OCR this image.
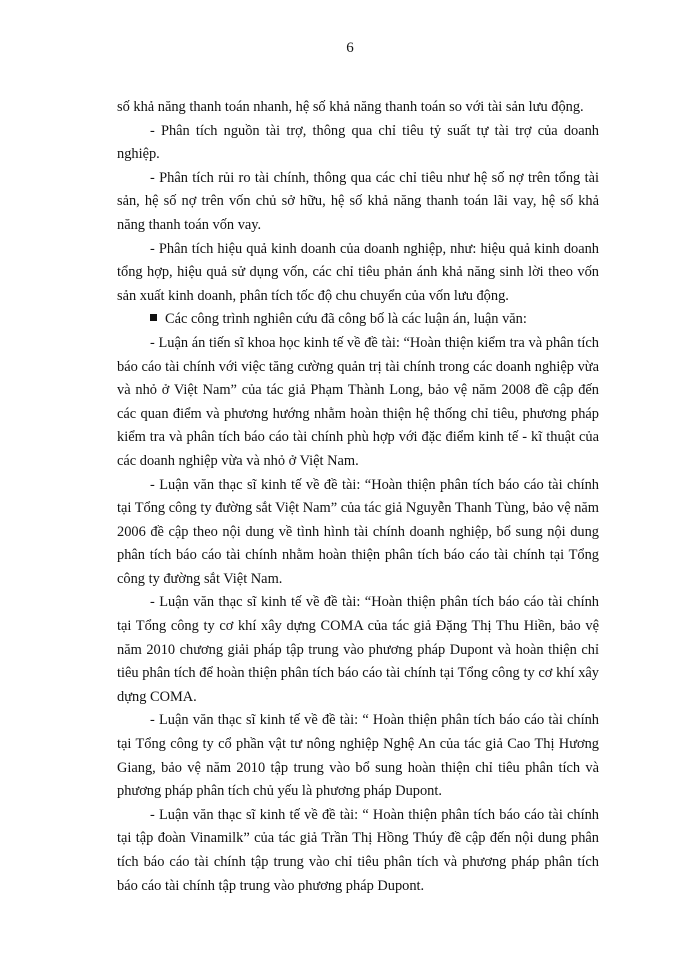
6

số khả năng thanh toán nhanh, hệ số khả năng thanh toán so với tài sản lưu động.

- Phân tích nguồn tài trợ, thông qua chỉ tiêu tỷ suất tự tài trợ của doanh nghiệp.

- Phân tích rủi ro tài chính, thông qua các chỉ tiêu như hệ số nợ trên tổng tài sản, hệ số nợ trên vốn chủ sở hữu, hệ số khả năng thanh toán lãi vay, hệ số khả năng thanh toán vốn vay.

- Phân tích hiệu quả kinh doanh của doanh nghiệp, như: hiệu quả kinh doanh tổng hợp, hiệu quả sử dụng vốn, các chỉ tiêu phản ánh khả năng sinh lời theo vốn sản xuất kinh doanh, phân tích tốc độ chu chuyển của vốn lưu động.

Các công trình nghiên cứu đã công bố là các luận án, luận văn:

- Luận án tiến sĩ khoa học kinh tế về đề tài: “Hoàn thiện kiểm tra và phân tích báo cáo tài chính với việc tăng cường quản trị tài chính trong các doanh nghiệp vừa và nhỏ ở Việt Nam” của tác giả Phạm Thành Long, bảo vệ năm 2008 đề cập đến các quan điểm và phương hướng nhằm hoàn thiện hệ thống chỉ tiêu, phương pháp kiểm tra và phân tích báo cáo tài chính phù hợp với đặc điểm kinh tế - kĩ thuật của các doanh nghiệp vừa và nhỏ ở Việt Nam.

- Luận văn thạc sĩ kinh tế về đề tài: “Hoàn thiện phân tích báo cáo tài chính tại Tổng công ty đường sắt Việt Nam” của tác giả Nguyễn Thanh Tùng, bảo vệ năm 2006 đề cập theo nội dung về tình hình tài chính doanh nghiệp, bổ sung nội dung phân tích báo cáo tài chính nhằm hoàn thiện phân tích báo cáo tài chính tại Tổng công ty đường sắt Việt Nam.

- Luận văn thạc sĩ kinh tế về đề tài: “Hoàn thiện phân tích báo cáo tài chính tại Tổng công ty cơ khí xây dựng COMA của tác giả Đặng Thị Thu Hiền, bảo vệ năm 2010 chương giải pháp tập trung vào phương pháp Dupont và hoàn thiện chỉ tiêu phân tích để hoàn thiện phân tích báo cáo tài chính tại Tổng công ty cơ khí xây dựng COMA.

- Luận văn thạc sĩ kinh tế về đề tài: “ Hoàn thiện phân tích báo cáo tài chính tại Tổng công ty cổ phần vật tư nông nghiệp Nghệ An của tác giả Cao Thị Hương Giang, bảo vệ năm 2010 tập trung vào bổ sung hoàn thiện chỉ tiêu phân tích và phương pháp phân tích chủ yếu là phương pháp Dupont.

- Luận văn thạc sĩ kinh tế về đề tài: “ Hoàn thiện phân tích báo cáo tài chính tại tập đoàn Vinamilk” của tác giả Trần Thị Hồng Thúy đề cập đến nội dung phân tích báo cáo tài chính tập trung vào chỉ tiêu phân tích và phương pháp phân tích báo cáo tài chính tập trung vào phương pháp Dupont.
